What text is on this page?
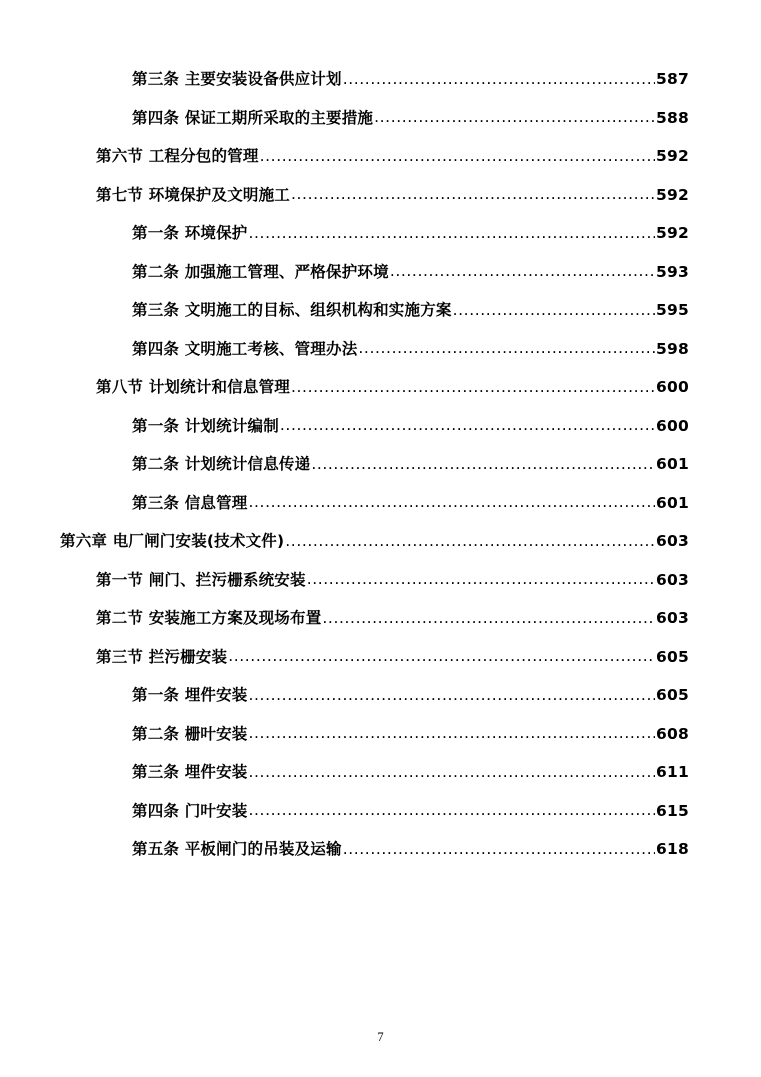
第三条 主要安装设备供应计划 .....	587
第四条 保证工期所采取的主要措施 .....	588
第六节 工程分包的管理 .....	592
第七节 环境保护及文明施工 .....	592
第一条 环境保护 .....	592
第二条 加强施工管理、严格保护环境 .....	593
第三条 文明施工的目标、组织机构和实施方案 .....	595
第四条 文明施工考核、管理办法 .....	598
第八节 计划统计和信息管理 .....	600
第一条 计划统计编制 .....	600
第二条 计划统计信息传递 .....	601
第三条 信息管理 .....	601
第六章 电厂闸门安装(技术文件) .....	603
第一节 闸门、拦污栅系统安装 .....	603
第二节 安装施工方案及现场布置 .....	603
第三节 拦污栅安装 .....	605
第一条 埋件安装 .....	605
第二条 栅叶安装 .....	608
第三条 埋件安装 .....	611
第四条 门叶安装 .....	615
第五条 平板闸门的吊装及运输 .....	618
7
